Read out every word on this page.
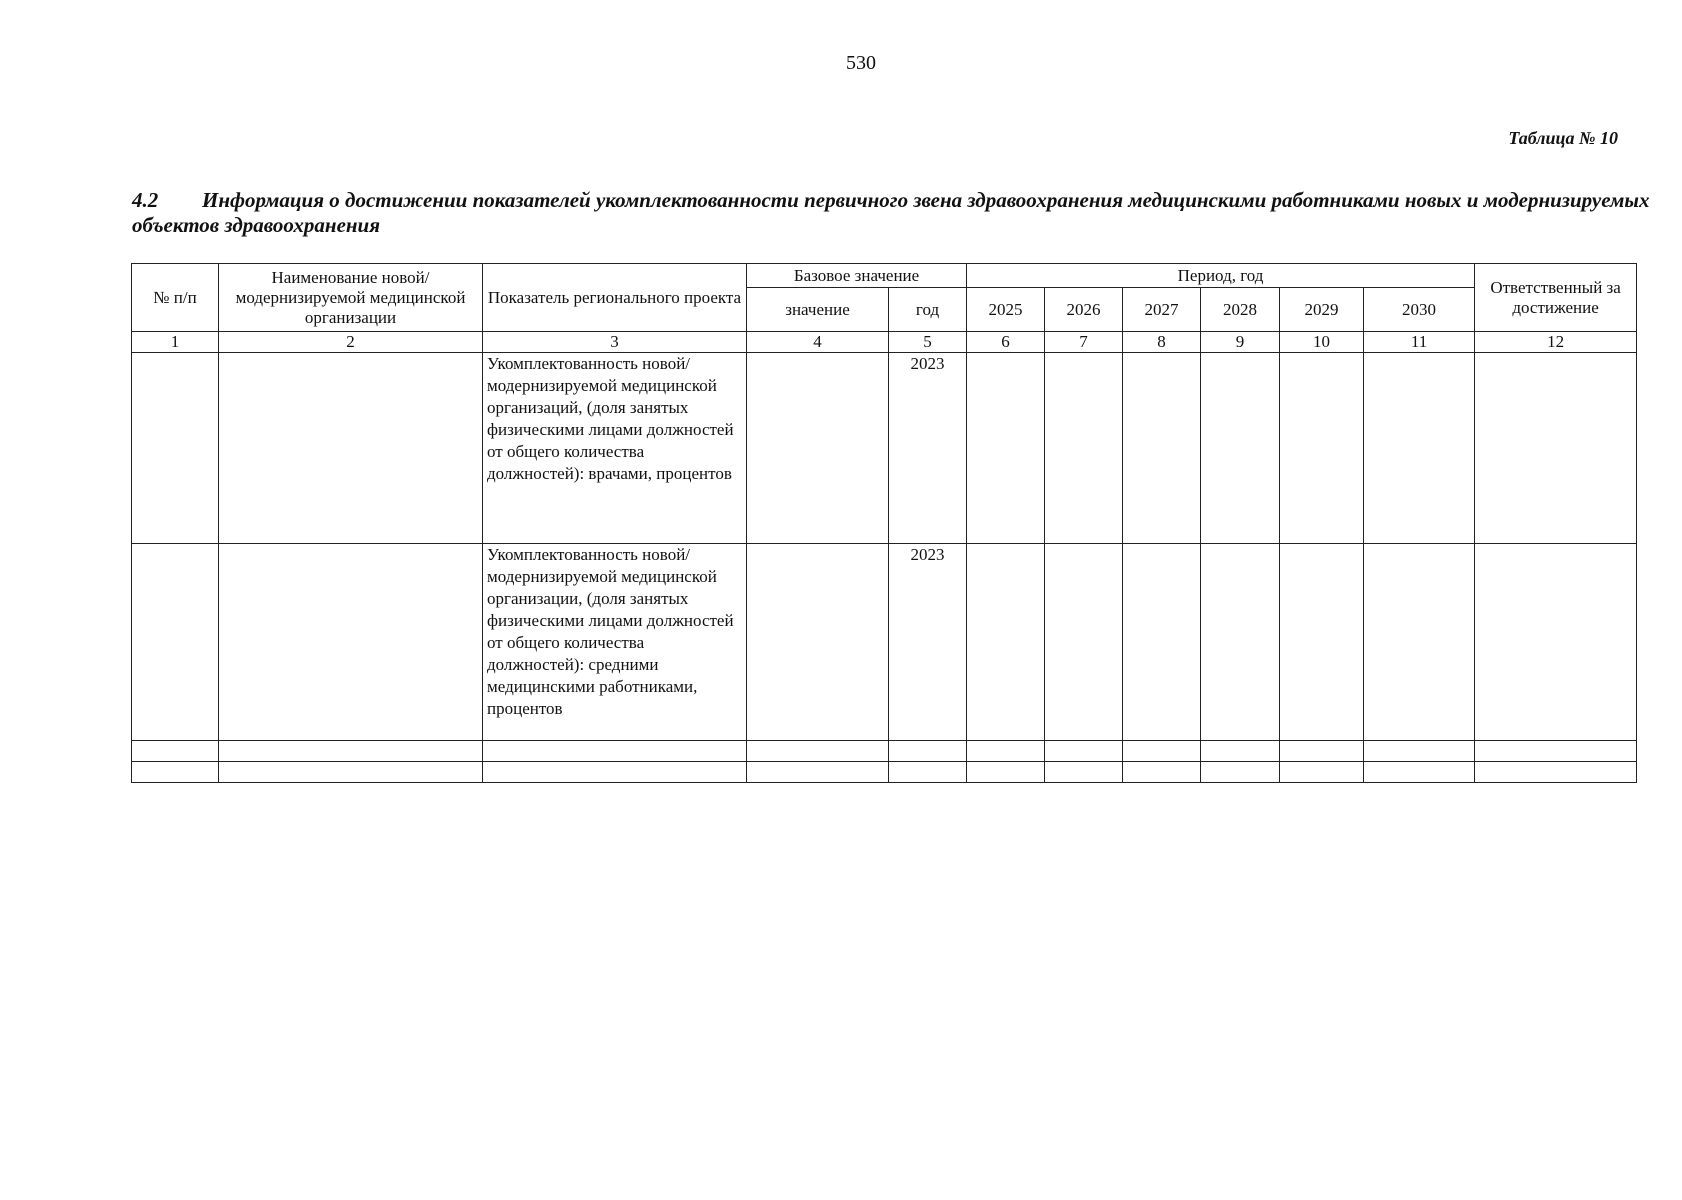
530
Таблица № 10
4.2 Информация о достижении показателей укомплектованности первичного звена здравоохранения медицинскими работниками новых и модернизируемых объектов здравоохранения
№ п/п	Наименование новой/модернизируемой медицинской организации	Показатель регионального проекта	Базовое значение		Период, год						Ответственный за достижение
			значение	год	2025	2026	2027	2028	2029	2030	
1	2	3	4	5	6	7	8	9	10	11	12
		Укомплектованность новой/модернизируемой медицинской организаций, (доля занятых физическими лицами должностей от общего количества должностей): врачами, процентов		2023							
		Укомплектованность новой/модернизируемой медицинской организации, (доля занятых физическими лицами должностей от общего количества должностей): средними медицинскими работниками, процентов		2023							
